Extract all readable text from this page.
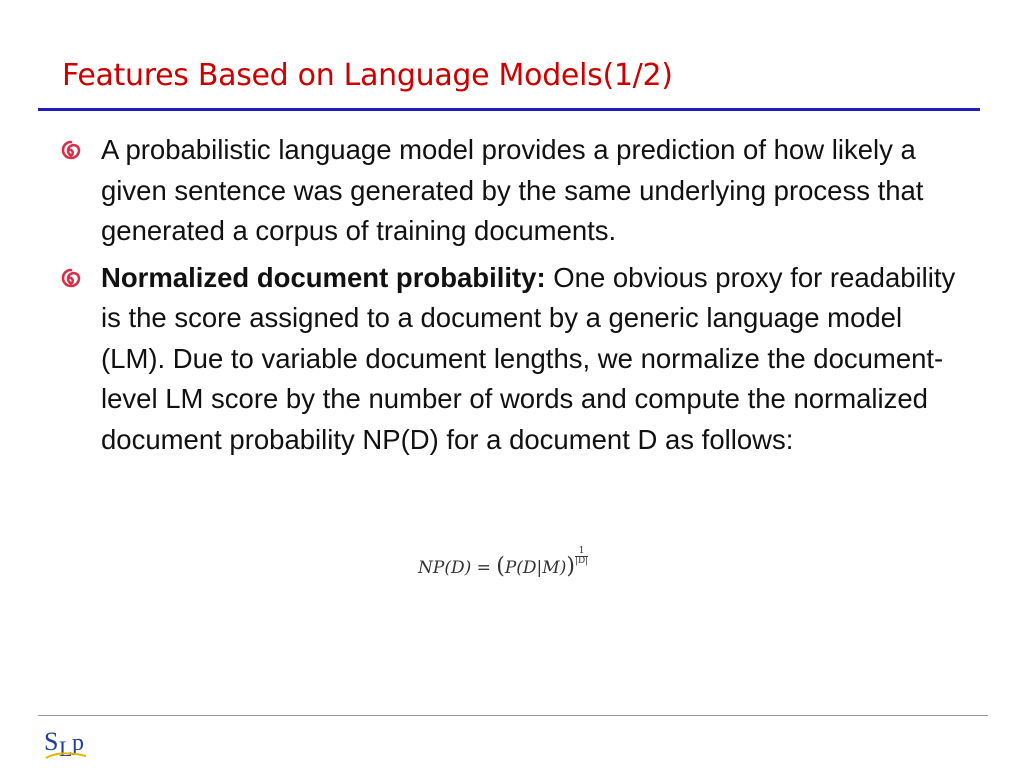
Features Based on Language Models(1/2)
A probabilistic language model provides a prediction of how likely a given sentence was generated by the same underlying process that generated a corpus of training documents.
Normalized document probability: One obvious proxy for readability is the score assigned to a document by a generic language model (LM). Due to variable document lengths, we normalize the document-level LM score by the number of words and compute the normalized document probability NP(D) for a document D as follows:
NP(D) = (P(D|M)) $^{\frac{1}{|D|}}$
S L p
